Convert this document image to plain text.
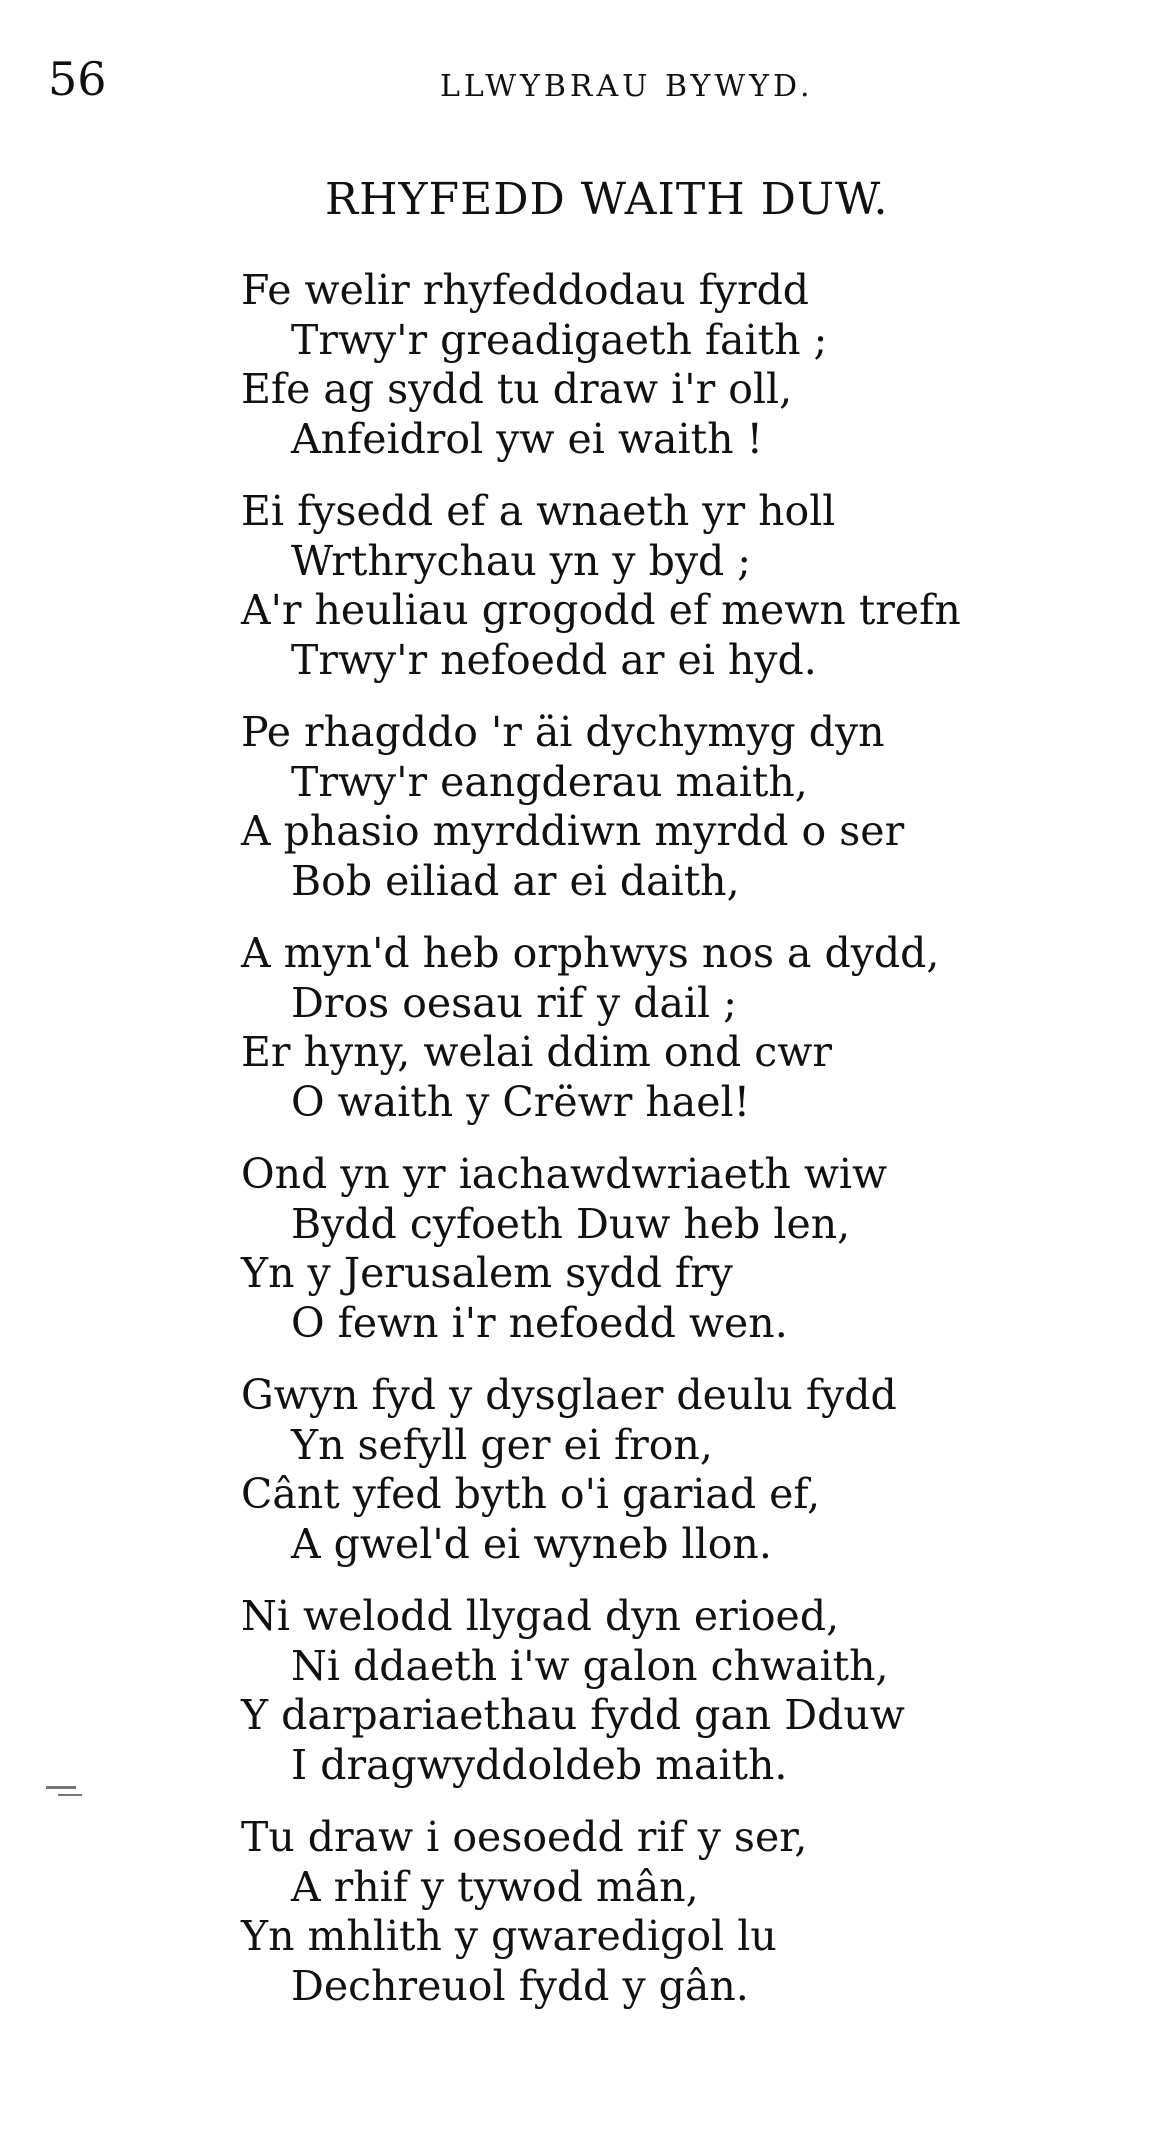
56	LLWYBRAU BYWYD.
RHYFEDD WAITH DUW.
Fe welir rhyfeddodau fyrdd
Trwy'r greadigaeth faith ;
Efe ag sydd tu draw i'r oll,
Anfeidrol yw ei waith !
Ei fysedd ef a wnaeth yr holl
Wrthrychau yn y byd ;
A'r heuliau grogodd ef mewn trefn
Trwy'r nefoedd ar ei hyd.
Pe rhagddo 'r äi dychymyg dyn
Trwy'r eangderau maith,
A phasio myrddiwn myrdd o ser
Bob eiliad ar ei daith,
A myn'd heb orphwys nos a dydd,
Dros oesau rif y dail ;
Er hyny, welai ddim ond cwr
O waith y Crëwr hael!
Ond yn yr iachawdwriaeth wiw
Bydd cyfoeth Duw heb len,
Yn y Jerusalem sydd fry
O fewn i'r nefoedd wen.
Gwyn fyd y dysglaer deulu fydd
Yn sefyll ger ei fron,
Cânt yfed byth o'i gariad ef,
A gwel'd ei wyneb llon.
Ni welodd llygad dyn erioed,
Ni ddaeth i'w galon chwaith,
Y darpariaethau fydd gan Dduw
I dragwyddoldeb maith.
Tu draw i oesoedd rif y ser,
A rhif y tywod mân,
Yn mhlith y gwaredigol lu
Dechreuol fydd y gân.
